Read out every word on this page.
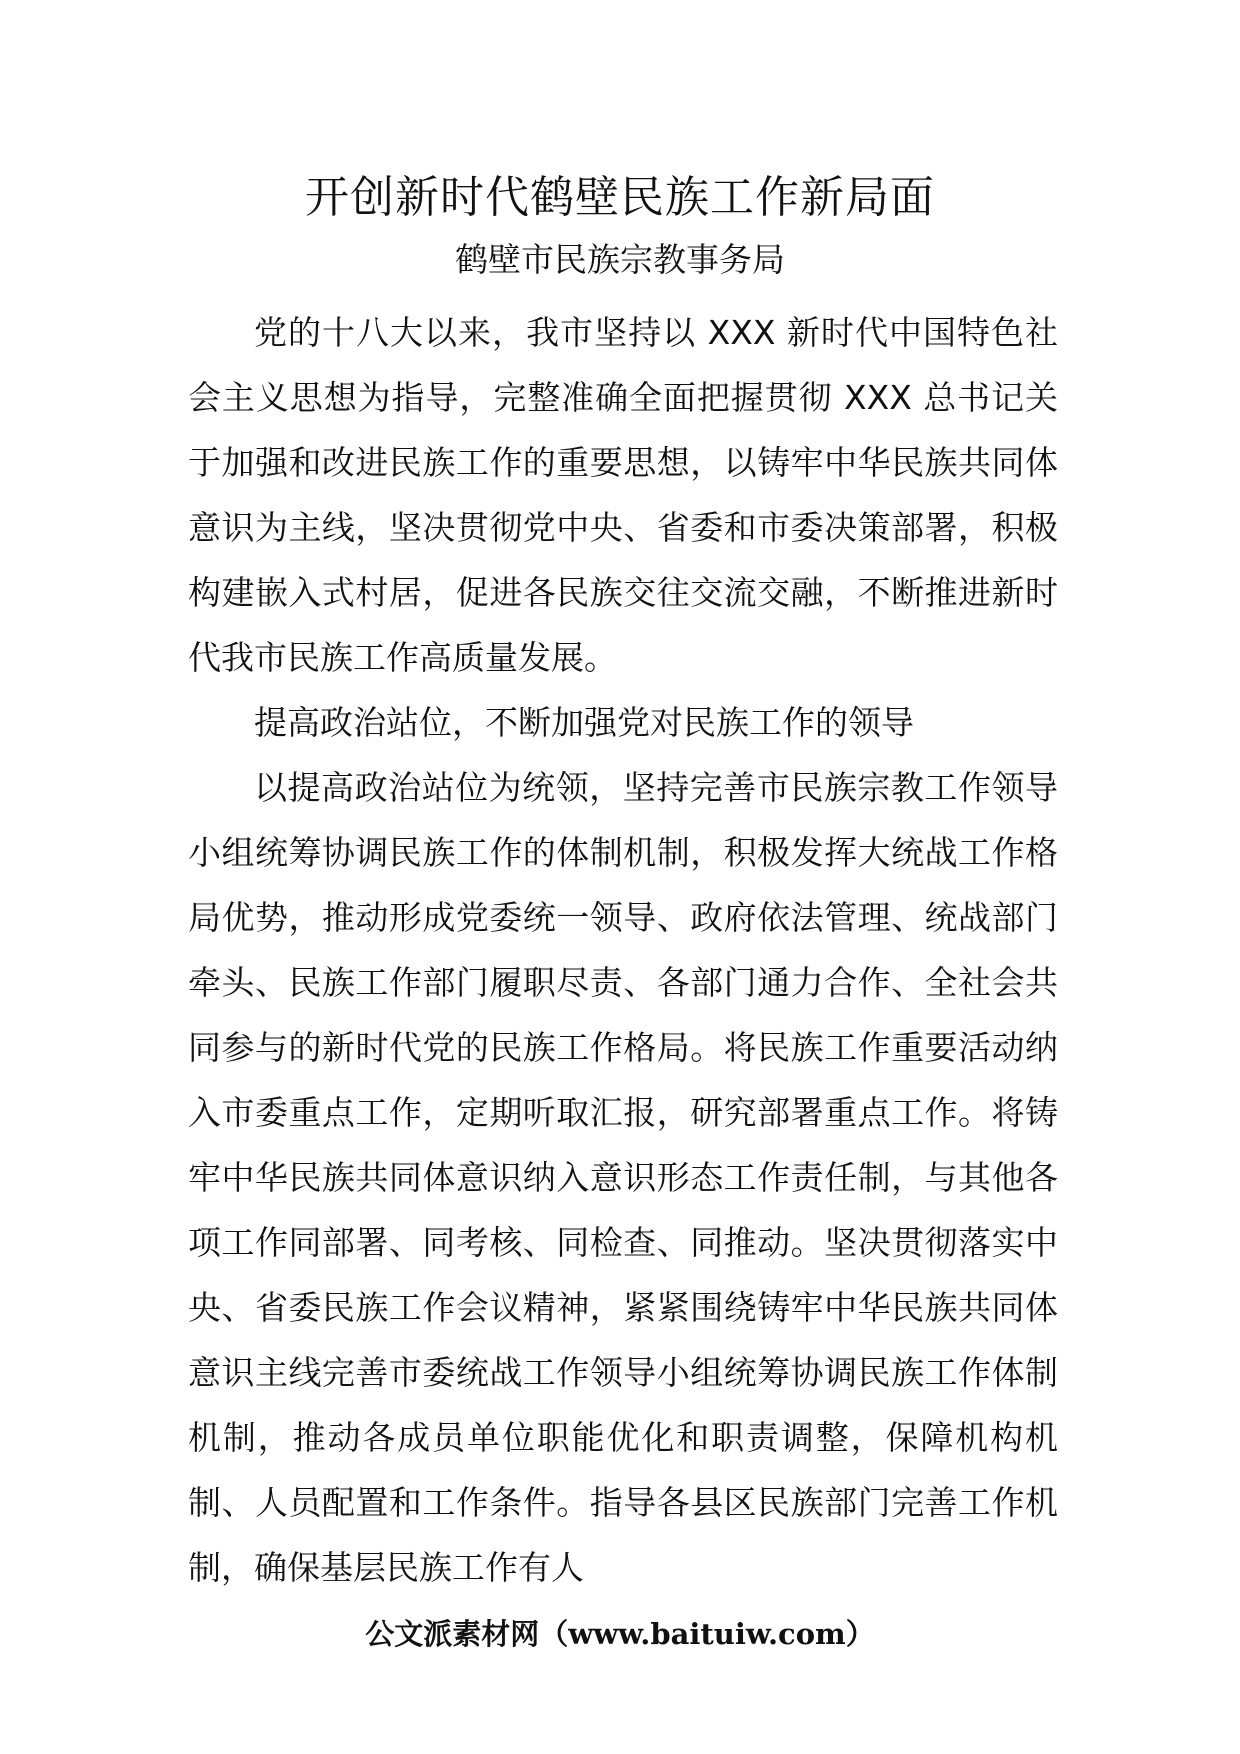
开创新时代鹤壁民族工作新局面
鹤壁市民族宗教事务局

党的十八大以来，我市坚持以 XXX 新时代中国特色社会主义思想为指导，完整准确全面把握贯彻 XXX 总书记关于加强和改进民族工作的重要思想，以铸牢中华民族共同体意识为主线，坚决贯彻党中央、省委和市委决策部署，积极构建嵌入式村居，促进各民族交往交流交融，不断推进新时代我市民族工作高质量发展。

提高政治站位，不断加强党对民族工作的领导

以提高政治站位为统领，坚持完善市民族宗教工作领导小组统筹协调民族工作的体制机制，积极发挥大统战工作格局优势，推动形成党委统一领导、政府依法管理、统战部门牵头、民族工作部门履职尽责、各部门通力合作、全社会共同参与的新时代党的民族工作格局。将民族工作重要活动纳入市委重点工作，定期听取汇报，研究部署重点工作。将铸牢中华民族共同体意识纳入意识形态工作责任制，与其他各项工作同部署、同考核、同检查、同推动。坚决贯彻落实中央、省委民族工作会议精神，紧紧围绕铸牢中华民族共同体意识主线完善市委统战工作领导小组统筹协调民族工作体制机制，推动各成员单位职能优化和职责调整，保障机构机制、人员配置和工作条件。指导各县区民族部门完善工作机制，确保基层民族工作有人

公文派素材网（www.baituiw.com）
